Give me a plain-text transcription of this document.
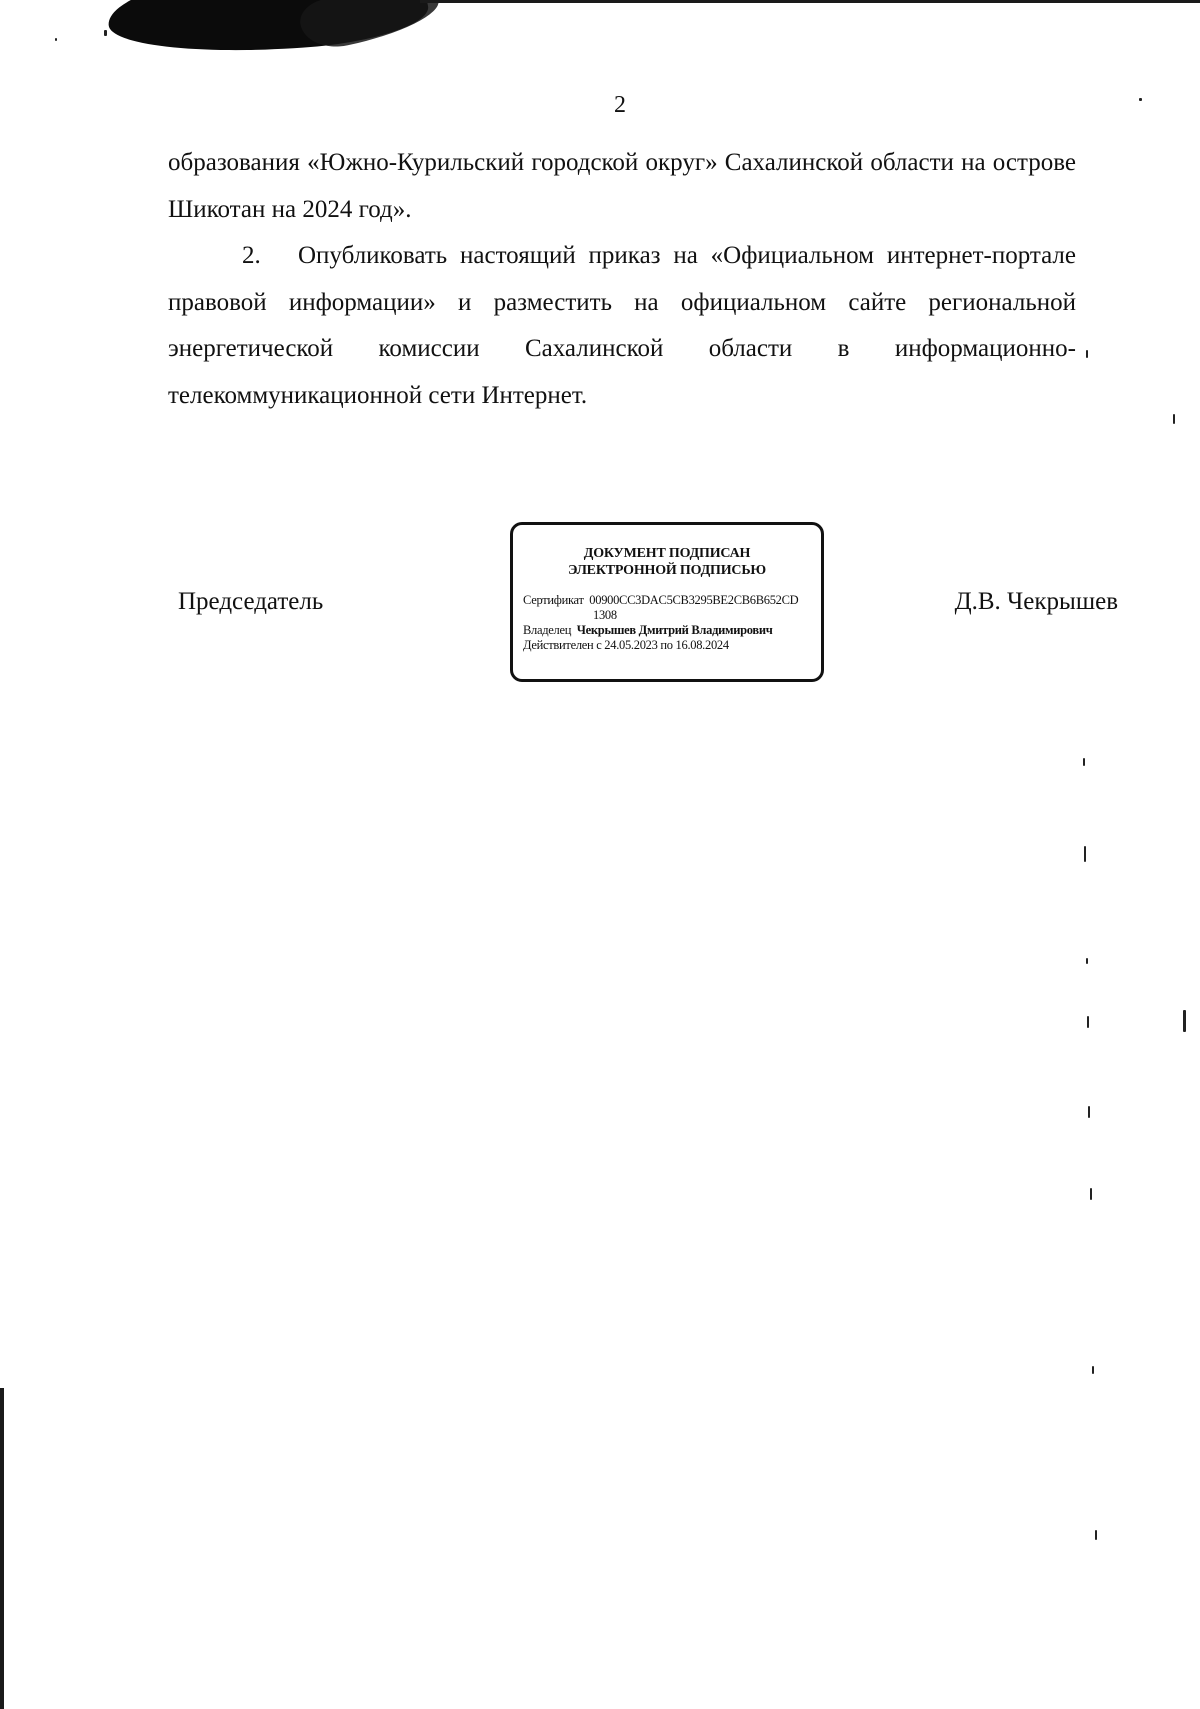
2

образования «Южно-Курильский городской округ» Сахалинской области на острове Шикотан на 2024 год».

2. Опубликовать настоящий приказ на «Официальном интернет-портале правовой информации» и разместить на официальном сайте региональной энергетической комиссии Сахалинской области в информационно-телекоммуникационной сети Интернет.

Председатель
ДОКУМЕНТ ПОДПИСАН
ЭЛЕКТРОННОЙ ПОДПИСЬЮ
Сертификат 00900CC3DAC5CB3295BE2CB6B652CD
1308
Владелец Чекрышев Дмитрий Владимирович
Действителен с 24.05.2023 по 16.08.2024
Д.В. Чекрышев
